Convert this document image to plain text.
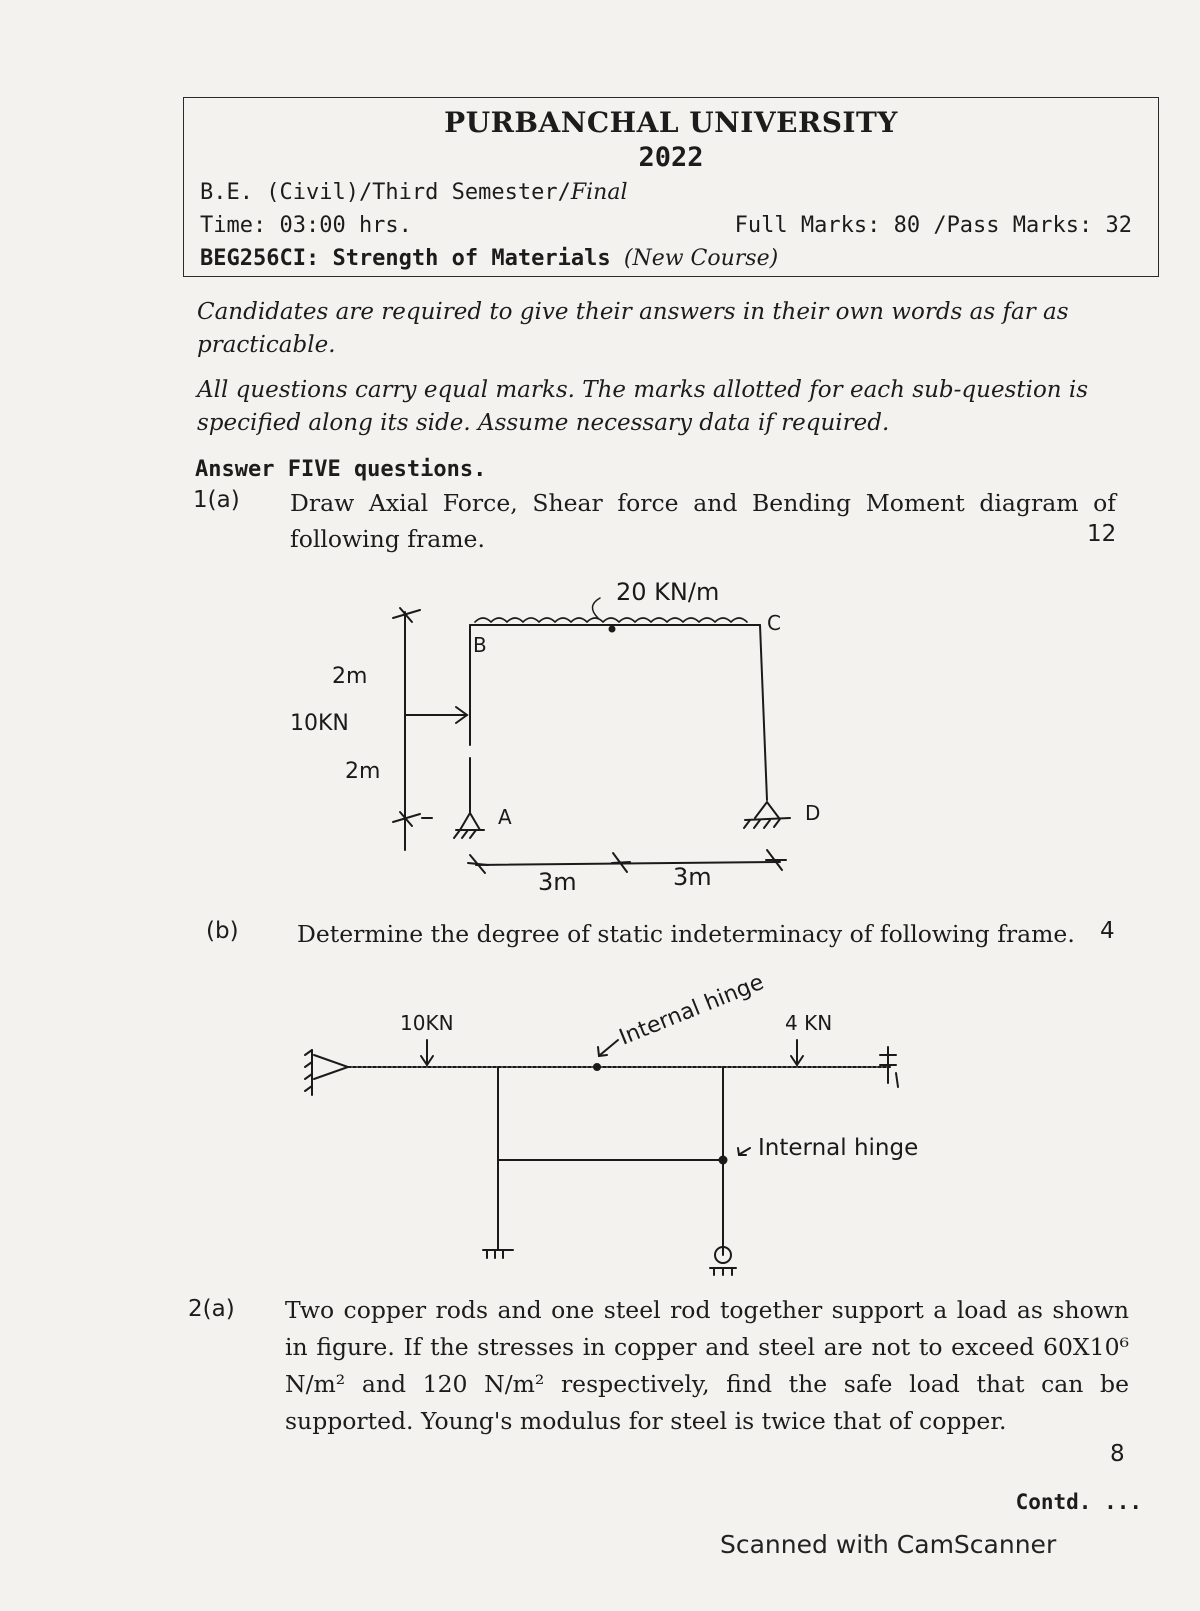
PURBANCHAL UNIVERSITY
2022
B.E. (Civil)/Third Semester/Final
Time: 03:00 hrs.	Full Marks: 80 /Pass Marks: 32
BEG256CI: Strength of Materials (New Course)
Candidates are required to give their answers in their own words as far as practicable.
All questions carry equal marks. The marks allotted for each sub-question is specified along its side. Assume necessary data if required.
Answer FIVE questions.
1(a) Draw Axial Force, Shear force and Bending Moment diagram of following frame.	12
20 KN/m
B
C
A	D
2m
10KN
2m
3m	3m
(b) Determine the degree of static indeterminacy of following frame.	4
10KN	4 KN
Internal hinge
Internal hinge
2(a) Two copper rods and one steel rod together support a load as shown in figure. If the stresses in copper and steel are not to exceed 60X10⁶ N/m² and 120 N/m² respectively, find the safe load that can be supported. Young's modulus for steel is twice that of copper.
8
Contd. ...
Scanned with CamScanner
